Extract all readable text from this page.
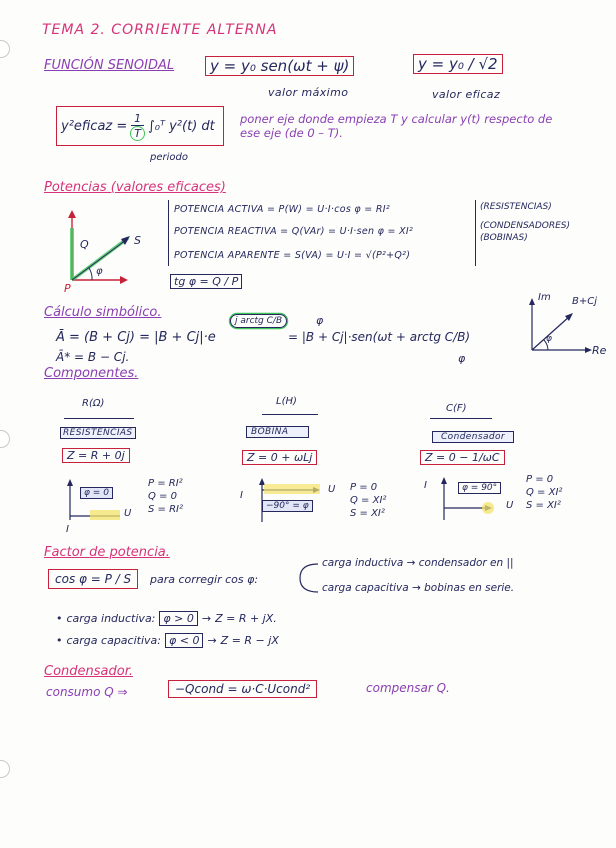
TEMA 2. CORRIENTE ALTERNA
FUNCIÓN SENOIDAL	y = y₀ sen(ωt + ψ)
valor máximo
y = y₀ / √2
valor eficaz
y²eficaz = $\frac{1}{T}$ ∫₀ᵀ y²(t) dt
periodo
poner eje donde empieza T y calcular y(t) respecto de ese eje (de 0 – T).
Potencias (valores eficaces)
Q	S
P
φ
POTENCIA ACTIVA = P(W) = U·I·cos φ = RI²	(RESISTENCIAS)
POTENCIA REACTIVA = Q(VAr) = U·I·sen φ = XI²	(CONDENSADORES) (BOBINAS)
POTENCIA APARENTE = S(VA) = U·I = √(P²+Q²)
tg φ = Q / P
Cálculo simbólico.
Ā = (B + Cj) = |B + Cj|·e
j arctg C/B	φ
= |B + Cj|·sen(ωt + arctg C/B)
φ
Ā* = B − Cj.
Im
Re
B+Cj
φ
Componentes.
R(Ω)
RESISTENCIAS
Z = R + 0j
L(H)
BOBINA
Z = 0 + ωLj
C(F)
Condensador
Z = 0 − 1/ωC
φ = 0
I
U
P = RI²
Q = 0
S = RI²	−90° = φ
I
U P = 0
Q = XI²
S = XI²
φ = 90°
I
U
P = 0
Q = XI²
S = XI²
Factor de potencia.
cos φ = P / S	para corregir cos φ:
carga inductiva → condensador en ||
carga capacitiva → bobinas en serie.
• carga inductiva: φ > 0 → Z = R + jX.
• carga capacitiva: φ < 0 → Z = R − jX
Condensador.
consumo Q ⇒	−Qcond = ω·C·Ucond²	compensar Q.
